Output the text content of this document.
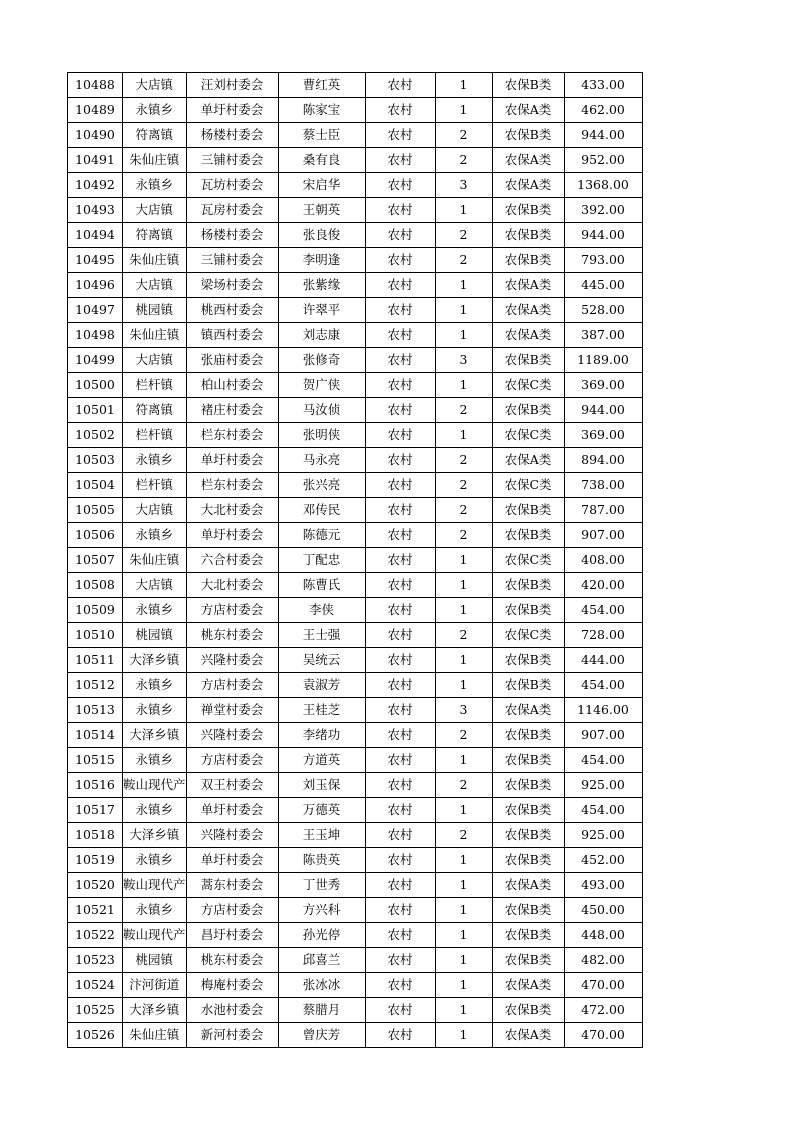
10488	大店镇	汪刘村委会	曹红英	农村	1	农保B类	433.00
10489	永镇乡	单圩村委会	陈家宝	农村	1	农保A类	462.00
10490	符离镇	杨楼村委会	蔡士臣	农村	2	农保B类	944.00
10491	朱仙庄镇	三铺村委会	桑有良	农村	2	农保A类	952.00
10492	永镇乡	瓦坊村委会	宋启华	农村	3	农保A类	1368.00
10493	大店镇	瓦房村委会	王朝英	农村	1	农保B类	392.00
10494	符离镇	杨楼村委会	张良俊	农村	2	农保B类	944.00
10495	朱仙庄镇	三铺村委会	李明逢	农村	2	农保B类	793.00
10496	大店镇	梁场村委会	张紫缘	农村	1	农保A类	445.00
10497	桃园镇	桃西村委会	许翠平	农村	1	农保A类	528.00
10498	朱仙庄镇	镇西村委会	刘志康	农村	1	农保A类	387.00
10499	大店镇	张庙村委会	张修奇	农村	3	农保B类	1189.00
10500	栏杆镇	柏山村委会	贺广侠	农村	1	农保C类	369.00
10501	符离镇	褚庄村委会	马汝侦	农村	2	农保B类	944.00
10502	栏杆镇	栏东村委会	张明侠	农村	1	农保C类	369.00
10503	永镇乡	单圩村委会	马永亮	农村	2	农保A类	894.00
10504	栏杆镇	栏东村委会	张兴亮	农村	2	农保C类	738.00
10505	大店镇	大北村委会	邓传民	农村	2	农保B类	787.00
10506	永镇乡	单圩村委会	陈德元	农村	2	农保B类	907.00
10507	朱仙庄镇	六合村委会	丁配忠	农村	1	农保C类	408.00
10508	大店镇	大北村委会	陈曹氏	农村	1	农保B类	420.00
10509	永镇乡	方店村委会	李侠	农村	1	农保B类	454.00
10510	桃园镇	桃东村委会	王士强	农村	2	农保C类	728.00
10511	大泽乡镇	兴隆村委会	吴统云	农村	1	农保B类	444.00
10512	永镇乡	方店村委会	袁淑芳	农村	1	农保B类	454.00
10513	永镇乡	禅堂村委会	王桂芝	农村	3	农保A类	1146.00
10514	大泽乡镇	兴隆村委会	李绪功	农村	2	农保B类	907.00
10515	永镇乡	方店村委会	方道英	农村	1	农保B类	454.00
10516	鞍山现代产	双王村委会	刘玉保	农村	2	农保B类	925.00
10517	永镇乡	单圩村委会	万德英	农村	1	农保B类	454.00
10518	大泽乡镇	兴隆村委会	王玉坤	农村	2	农保B类	925.00
10519	永镇乡	单圩村委会	陈贵英	农村	1	农保B类	452.00
10520	鞍山现代产	蒿东村委会	丁世秀	农村	1	农保A类	493.00
10521	永镇乡	方店村委会	方兴科	农村	1	农保B类	450.00
10522	鞍山现代产	昌圩村委会	孙光停	农村	1	农保B类	448.00
10523	桃园镇	桃东村委会	邱喜兰	农村	1	农保B类	482.00
10524	汴河街道	梅庵村委会	张冰冰	农村	1	农保A类	470.00
10525	大泽乡镇	水池村委会	蔡腊月	农村	1	农保B类	472.00
10526	朱仙庄镇	新河村委会	曾庆芳	农村	1	农保A类	470.00
